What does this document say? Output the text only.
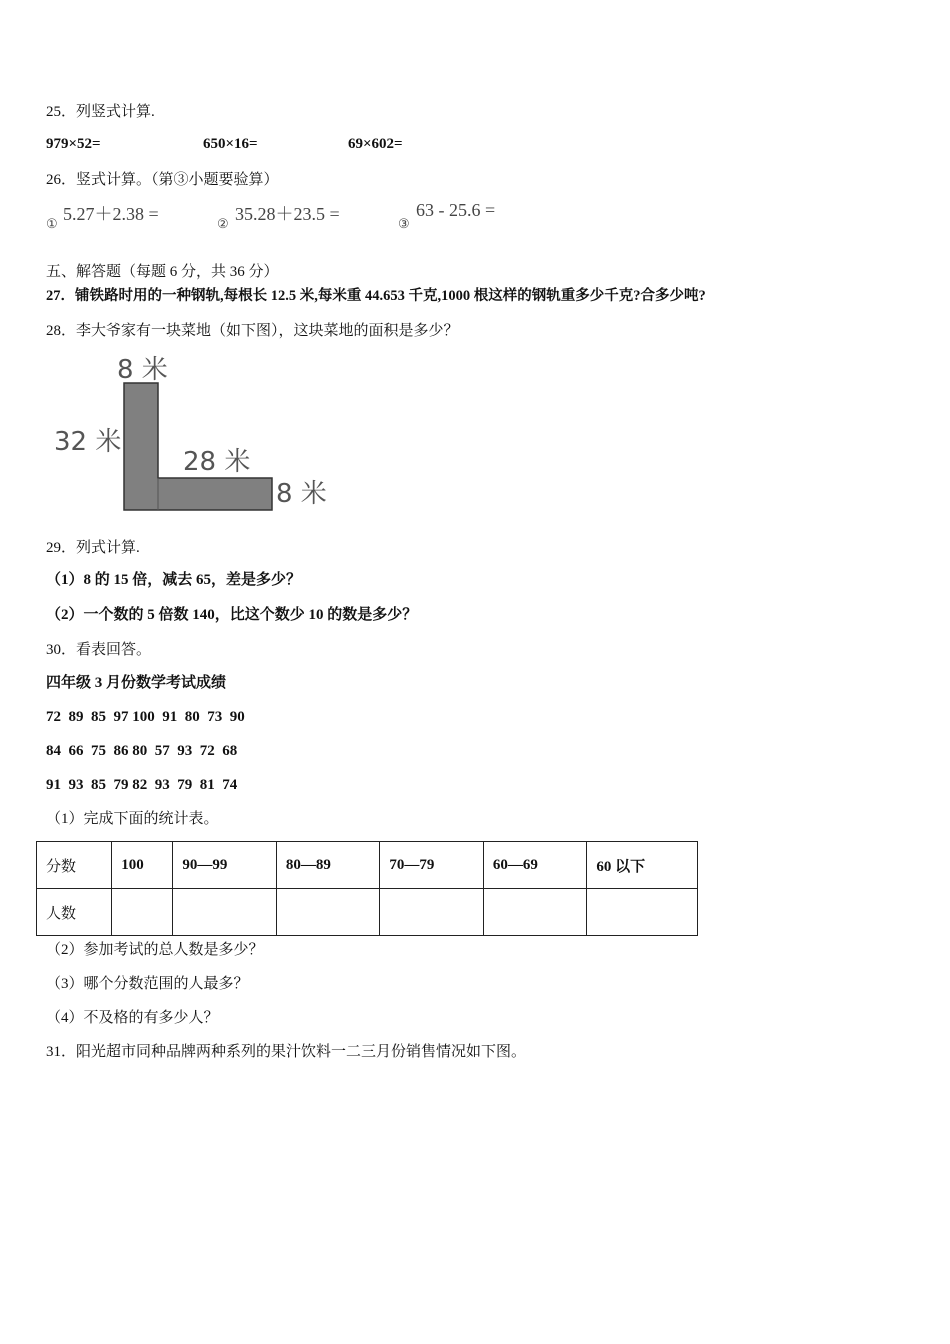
25．列竖式计算.
979×52=	650×16=	69×602=
26．竖式计算。（第③小题要验算）
① 5.27＋2.38 =	② 35.28＋23.5 =	③
63 - 25.6 =
五、解答题（每题 6 分，共 36 分）
27．铺铁路时用的一种钢轨,每根长 12.5 米,每米重 44.653 千克,1000 根这样的钢轨重多少千克?合多少吨?
28．李大爷家有一块菜地（如下图），这块菜地的面积是多少？
8 米
32 米
28 米
8 米
29．列式计算.
（1）8 的 15 倍，减去 65，差是多少？
（2）一个数的 5 倍数 140，比这个数少 10 的数是多少？
30．看表回答。
四年级 3 月份数学考试成绩
72  89  85  97 100  91  80  73  90
84  66  75  86 80  57  93  72  68
91  93  85  79 82  93  79  81  74
（1）完成下面的统计表。
分数	100	90—99	80—89	70—79	60—69	60 以下
人数						
（2）参加考试的总人数是多少？
（3）哪个分数范围的人最多？
（4）不及格的有多少人？
31．阳光超市同种品牌两种系列的果汁饮料一二三月份销售情况如下图。
